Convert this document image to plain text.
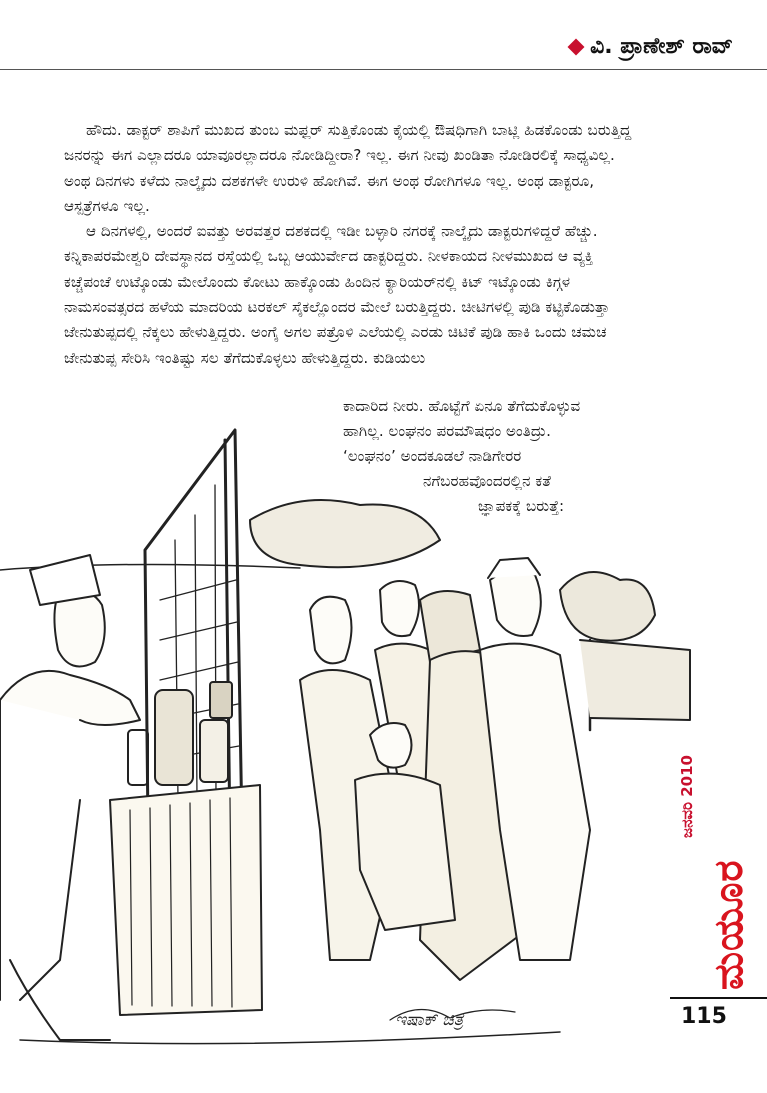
ವಿ. ಪ್ರಾಣೇಶ್ ರಾವ್

ಹೌದು. ಡಾಕ್ಟರ್ ಶಾಪಿಗೆ ಮುಖದ ತುಂಬ ಮಫ್ಲರ್ ಸುತ್ತಿಕೊಂಡು ಕೈಯಲ್ಲಿ ಔಷಧಿಗಾಗಿ ಬಾಟ್ಲಿ ಹಿಡಕೊಂಡು ಬರುತ್ತಿದ್ದ ಜನರನ್ನು ಈಗ ಎಲ್ಲಾದರೂ ಯಾವೂರಲ್ಲಾದರೂ ನೋಡಿದ್ದೀರಾ? ಇಲ್ಲ. ಈಗ ನೀವು ಖಂಡಿತಾ ನೋಡಿರಲಿಕ್ಕೆ ಸಾಧ್ಯವಿಲ್ಲ. ಅಂಥ ದಿನಗಳು ಕಳೆದು ನಾಲ್ಕೈದು ದಶಕಗಳೇ ಉರುಳಿ ಹೋಗಿವೆ. ಈಗ ಅಂಥ ರೋಗಿಗಳೂ ಇಲ್ಲ. ಅಂಥ ಡಾಕ್ಟರೂ, ಆಸ್ಪತ್ರೆಗಳೂ ಇಲ್ಲ.

ಆ ದಿನಗಳಲ್ಲಿ, ಅಂದರೆ ಐವತ್ತು ಅರವತ್ತರ ದಶಕದಲ್ಲಿ ಇಡೀ ಬಳ್ಳಾರಿ ನಗರಕ್ಕೆ ನಾಲ್ಕೈದು ಡಾಕ್ಟರುಗಳಿದ್ದರೆ ಹೆಚ್ಚು. ಕನ್ನಿಕಾಪರಮೇಶ್ವರಿ ದೇವಸ್ಥಾನದ ರಸ್ತೆಯಲ್ಲಿ ಒಬ್ಬ ಆಯುರ್ವೇದ ಡಾಕ್ಟರಿದ್ದರು. ನೀಳಕಾಯದ ನೀಳಮುಖದ ಆ ವ್ಯಕ್ತಿ ಕಚ್ಚೆಪಂಚೆ ಉಟ್ಕೊಂಡು ಮೇಲೊಂದು ಕೋಟು ಹಾಕ್ಕೊಂಡು ಹಿಂದಿನ ಕ್ಯಾರಿಯರ್‌ನಲ್ಲಿ ಕಿಟ್ ಇಟ್ಕೊಂಡು ಕಿಗ್ಗಳ ನಾಮಸಂವತ್ಸರದ ಹಳೆಯ ಮಾದರಿಯ ಟರಕಲ್ ಸೈಕಲ್ಲೊಂದರ ಮೇಲೆ ಬರುತ್ತಿದ್ದರು. ಚೀಟಿಗಳಲ್ಲಿ ಪುಡಿ ಕಟ್ಟಿಕೊಡುತ್ತಾ ಜೇನುತುಪ್ಪದಲ್ಲಿ ನೆಕ್ಕಲು ಹೇಳುತ್ತಿದ್ದರು. ಅಂಗೈ ಅಗಲ ಪತ್ರೊಳಿ ಎಲೆಯಲ್ಲಿ ಎರಡು ಚಿಟಿಕೆ ಪುಡಿ ಹಾಕಿ ಒಂದು ಚಮಚ ಜೇನುತುಪ್ಪ ಸೇರಿಸಿ ಇಂತಿಷ್ಟು ಸಲ ತೆಗೆದುಕೊಳ್ಳಲು ಹೇಳುತ್ತಿದ್ದರು. ಕುಡಿಯಲು

ಕಾದಾರಿದ ನೀರು. ಹೊಟ್ಟೆಗೆ ಏನೂ ತೆಗೆದುಕೊಳ್ಳುವ
ಹಾಗಿಲ್ಲ. ಲಂಘನಂ ಪರಮೌಷಧಂ ಅಂತಿದ್ರು.
‘ಲಂಘನಂ’ ಅಂದಕೂಡಲೆ ನಾಡಿಗೇರರ
ನಗೆಬರಹವೊಂದರಲ್ಲಿನ ಕತೆ
ಜ್ಞಾಪಕಕ್ಕೆ ಬರುತ್ತೆ:
ಇಷಾಕ್ ಚಿತ್ರ
ಜನವರಿ 2010
ಮಯೂರ
115
